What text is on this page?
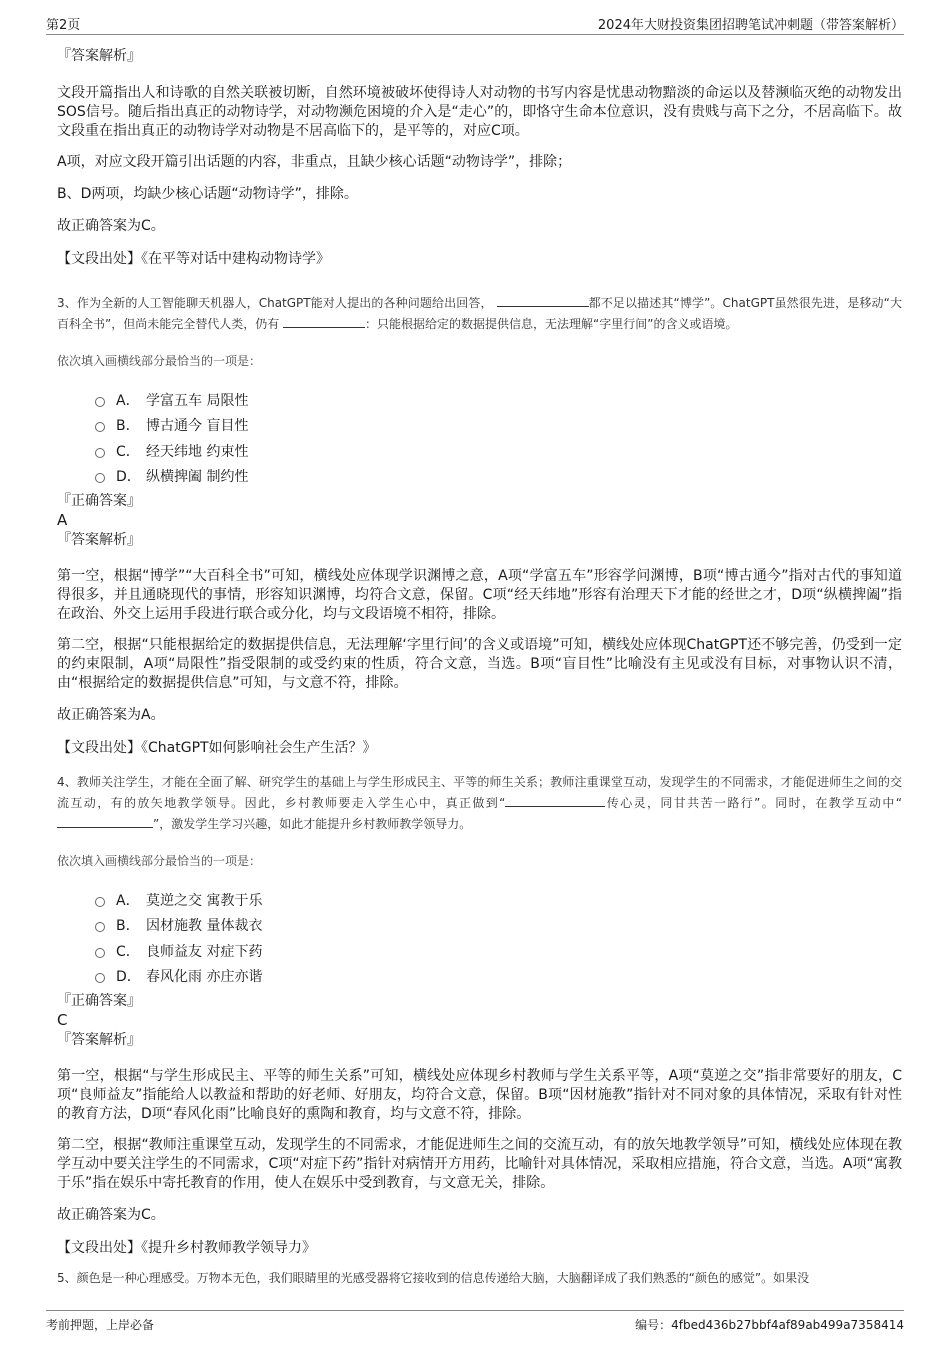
第2页	2024年大财投资集团招聘笔试冲刺题（带答案解析）

『答案解析』

文段开篇指出人和诗歌的自然关联被切断，自然环境被破坏使得诗人对动物的书写内容是忧患动物黯淡的命运以及替濒临灭绝的动物发出SOS信号。随后指出真正的动物诗学，对动物濒危困境的介入是“走心”的，即恪守生命本位意识，没有贵贱与高下之分，不居高临下。故文段重在指出真正的动物诗学对动物是不居高临下的，是平等的，对应C项。

A项，对应文段开篇引出话题的内容，非重点，且缺少核心话题“动物诗学”，排除；

B、D两项，均缺少核心话题“动物诗学”，排除。

故正确答案为C。

【文段出处】《在平等对话中建构动物诗学》

3、作为全新的人工智能聊天机器人，ChatGPT能对人提出的各种问题给出回答，	都不足以描述其“博学”。ChatGPT虽然很先进，是移动“大百科全书”，但尚未能完全替代人类，仍有	：只能根据给定的数据提供信息，无法理解“字里行间”的含义或语境。

依次填入画横线部分最恰当的一项是：

A． 学富五车 局限性
B． 博古通今 盲目性
C． 经天纬地 约束性
D． 纵横捭阖 制约性

『正确答案』

A

『答案解析』

第一空，根据“博学”“大百科全书”可知，横线处应体现学识渊博之意，A项“学富五车”形容学问渊博，B项“博古通今”指对古代的事知道得很多，并且通晓现代的事情，形容知识渊博，均符合文意，保留。C项“经天纬地”形容有治理天下才能的经世之才，D项“纵横捭阖”指在政治、外交上运用手段进行联合或分化，均与文段语境不相符，排除。

第二空，根据“只能根据给定的数据提供信息，无法理解‘字里行间’的含义或语境”可知，横线处应体现ChatGPT还不够完善，仍受到一定的约束限制，A项“局限性”指受限制的或受约束的性质，符合文意，当选。B项“盲目性”比喻没有主见或没有目标，对事物认识不清，由“根据给定的数据提供信息”可知，与文意不符，排除。

故正确答案为A。

【文段出处】《ChatGPT如何影响社会生产生活？》

4、教师关注学生，才能在全面了解、研究学生的基础上与学生形成民主、平等的师生关系；教师注重课堂互动，发现学生的不同需求，才能促进师生之间的交流互动，有的放矢地教学领导。因此，乡村教师要走入学生心中，真正做到“	传心灵，同甘共苦一路行”。同时，在教学互动中“”，激发学生学习兴趣，如此才能提升乡村教师教学领导力。

依次填入画横线部分最恰当的一项是：

A． 莫逆之交 寓教于乐
B． 因材施教 量体裁衣
C． 良师益友 对症下药
D． 春风化雨 亦庄亦谐

『正确答案』

C

『答案解析』

第一空，根据“与学生形成民主、平等的师生关系”可知，横线处应体现乡村教师与学生关系平等，A项“莫逆之交”指非常要好的朋友，C项“良师益友”指能给人以教益和帮助的好老师、好朋友，均符合文意，保留。B项“因材施教”指针对不同对象的具体情况，采取有针对性的教育方法，D项“春风化雨”比喻良好的熏陶和教育，均与文意不符，排除。

第二空，根据“教师注重课堂互动，发现学生的不同需求，才能促进师生之间的交流互动，有的放矢地教学领导”可知，横线处应体现在教学互动中要关注学生的不同需求，C项“对症下药”指针对病情开方用药，比喻针对具体情况，采取相应措施，符合文意，当选。A项“寓教于乐”指在娱乐中寄托教育的作用，使人在娱乐中受到教育，与文意无关，排除。

故正确答案为C。

【文段出处】《提升乡村教师教学领导力》

5、颜色是一种心理感受。万物本无色，我们眼睛里的光感受器将它接收到的信息传递给大脑，大脑翻译成了我们熟悉的“颜色的感觉”。如果没

考前押题，上岸必备	编号：4fbed436b27bbf4af89ab499a7358414
